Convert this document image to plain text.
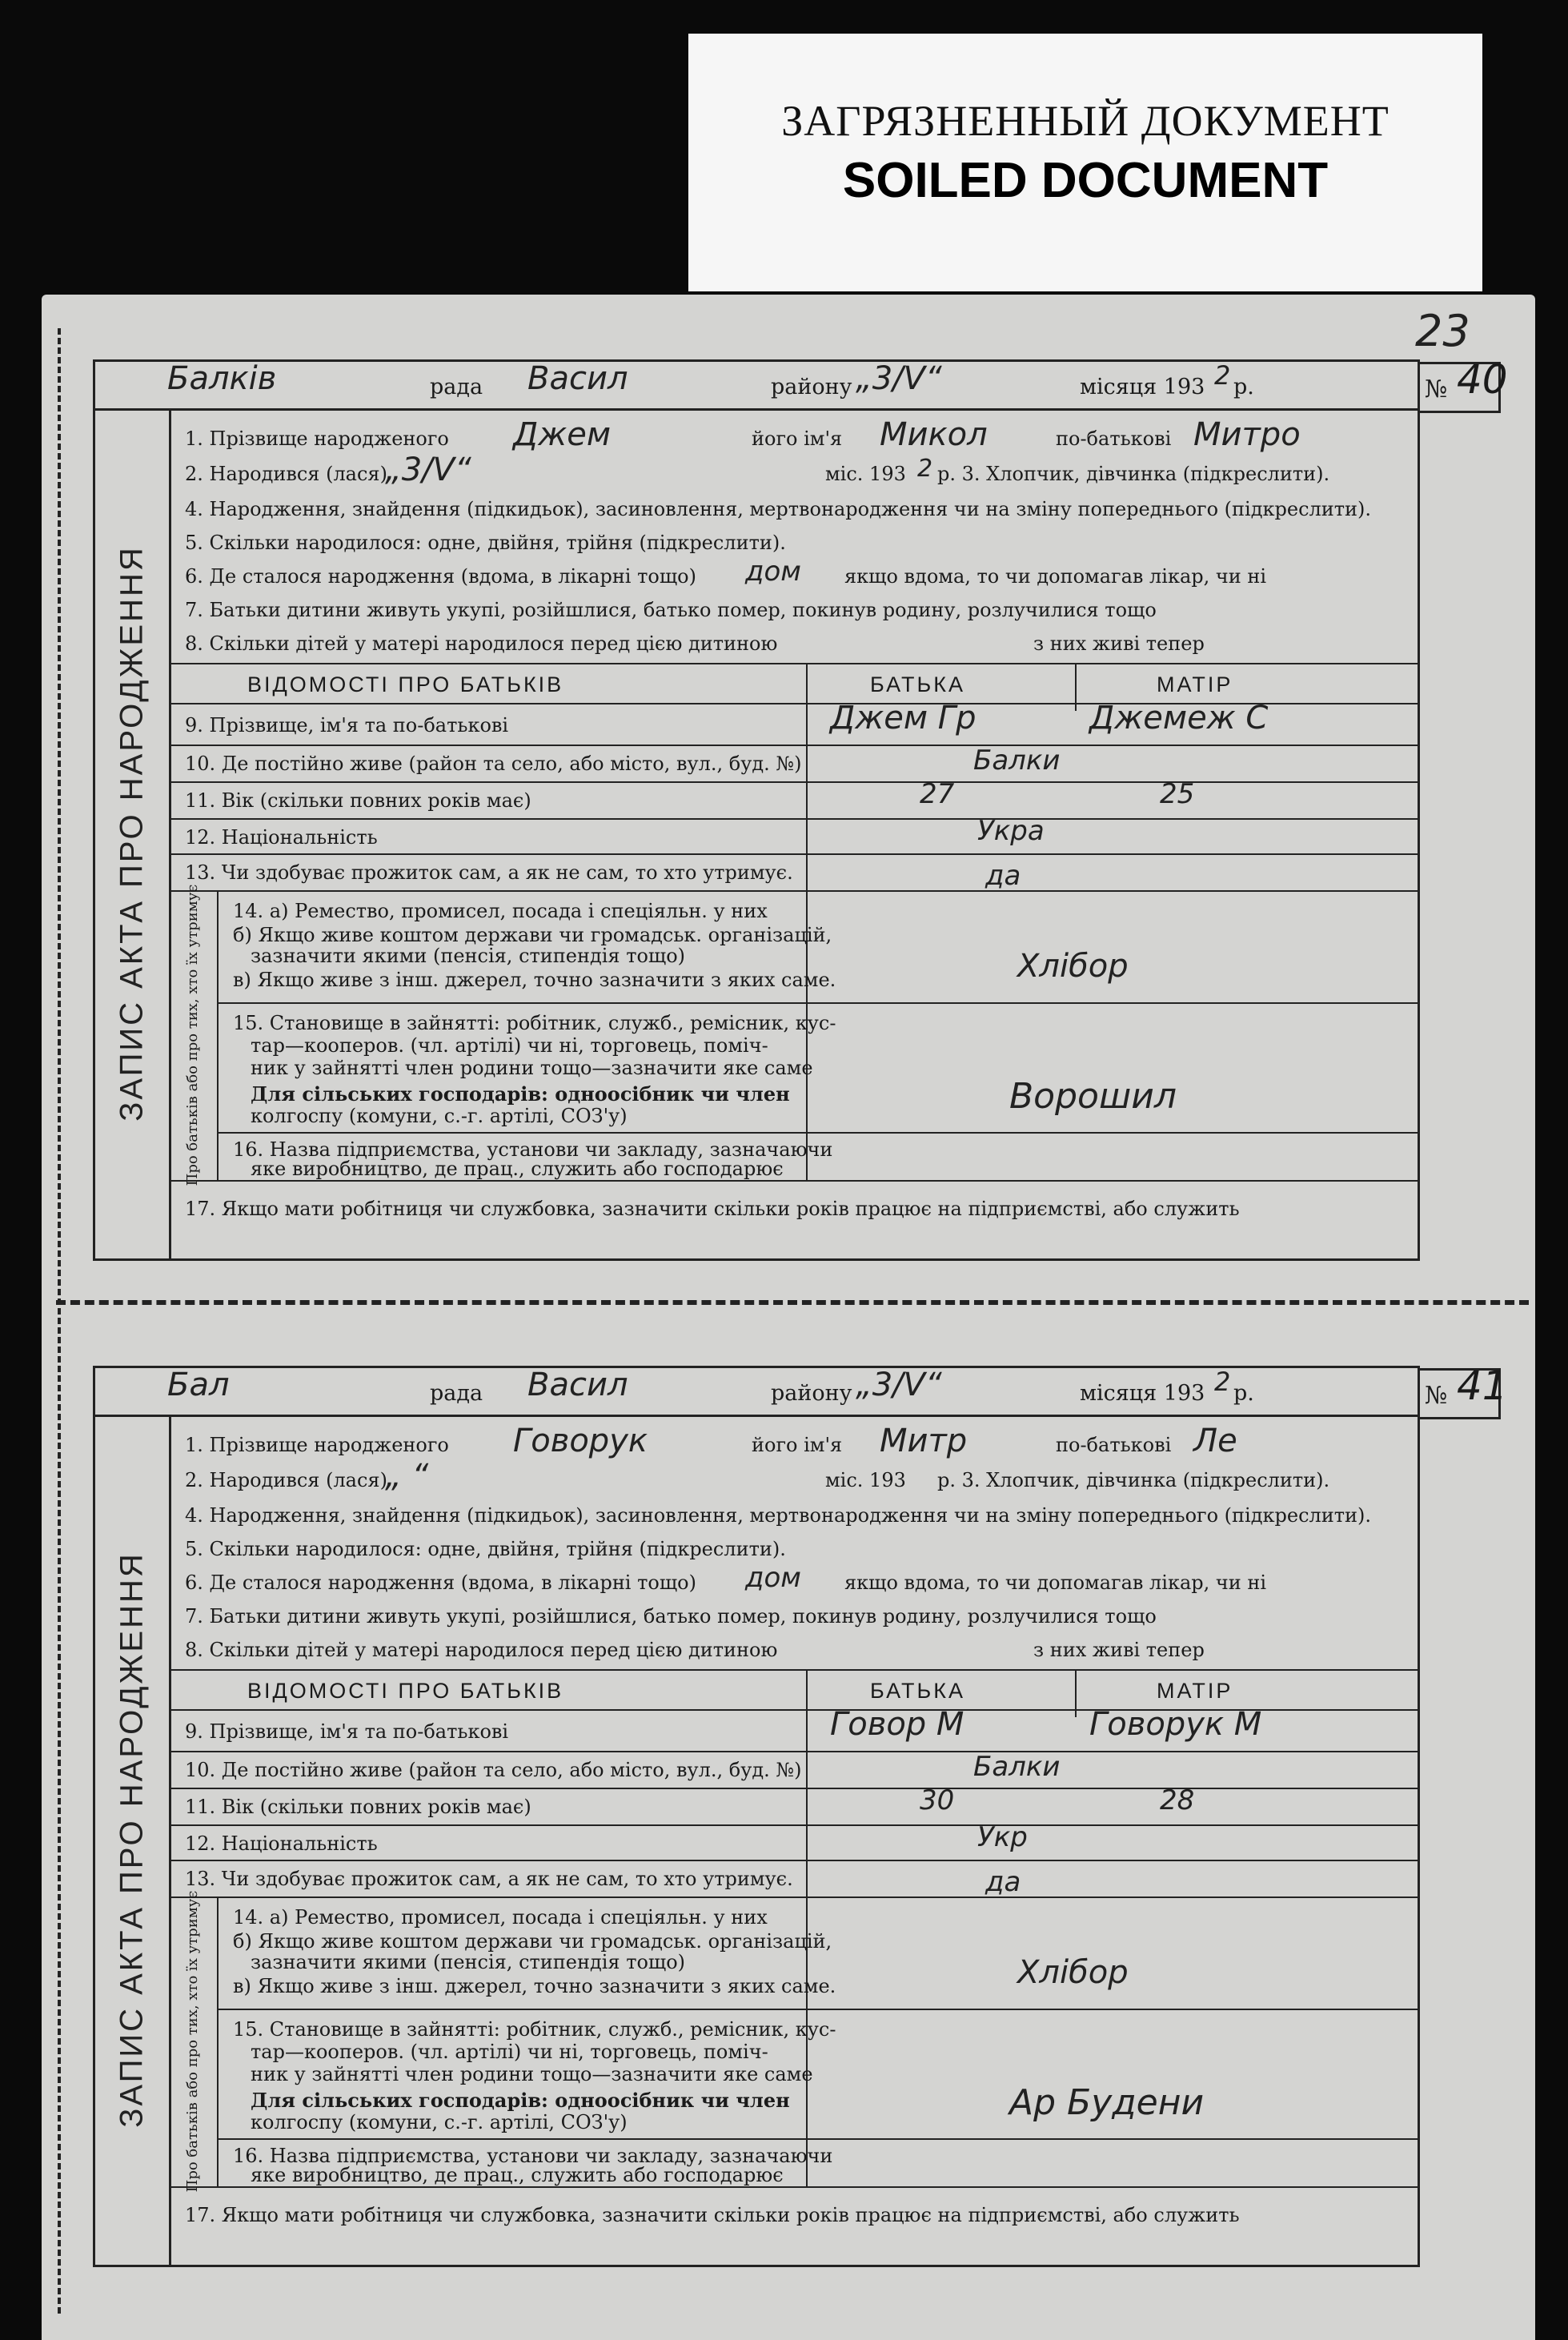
ЗАГРЯЗНЕННЫЙ ДОКУМЕНТ
SOILED DOCUMENT
23
Балків	рада Васил	району „3/V“	місяця 193 2 р.	№ 40
ЗАПИС АКТА ПРО НАРОДЖЕННЯ
1. Прізвище народженого Джем	його ім'я Микол	по-батькові Митро
2. Народився (лася)
„3/V“	міс. 193 2 р. 3. Хлопчик, дівчинка (підкреслити).
4. Народження, знайдення (підкидьок), засиновлення, мертвонародження чи на зміну попереднього (підкреслити).
5. Скільки народилося: одне, двійня, трійня (підкреслити).
6. Де сталося народження (вдома, в лікарні тощо) дом якщо вдома, то чи допомагав лікар, чи ні
7. Батьки дитини живуть укупі, розійшлися, батько помер, покинув родину, розлучилися тощо
8. Скільки дітей у матері народилося перед цією дитиною	з них живі тепер
ВІДОМОСТІ ПРО БАТЬКІВ	БАТЬКА	МАТІР
9. Прізвище, ім'я та по-батькові	Джем Гр	Джемеж С
10. Де постійно живе (район та село, або місто, вул., буд. №)	Балки
11. Вік (скільки повних років має)	27	25
12. Національність	Укра
13. Чи здобуває прожиток сам, а як не сам, то хто утримує.	да
Про батьків або про тих, хто їх утримує 14. а) Ремество, промисел, посада і спеціяльн. у них
б) Якщо живе коштом держави чи громадськ. організацій,
зазначити якими (пенсія, стипендія тощо)
в) Якщо живе з інш. джерел, точно зазначити з яких саме.	Хлібор
15. Становище в зайнятті: робітник, служб., ремісник, кус-
тар—кооперов. (чл. артілі) чи ні, торговець, поміч-
ник у зайнятті член родини тощо—зазначити яке саме
Для сільських господарів: одноосібник чи член
колгоспу (комуни, с.-г. артілі, СОЗ'у)	Ворошил
16. Назва підприємства, установи чи закладу, зазначаючи
яке виробництво, де прац., служить або господарює
17. Якщо мати робітниця чи службовка, зазначити скільки років працює на підприємстві, або служить
Бал	рада Васил	району „3/V“	місяця 193 2 р.	№ 41
ЗАПИС АКТА ПРО НАРОДЖЕННЯ
1. Прізвище народженого Говорук	його ім'я Митр	по-батькові Ле
2. Народився (лася)
„ “	міс. 193 р. 3. Хлопчик, дівчинка (підкреслити).
4. Народження, знайдення (підкидьок), засиновлення, мертвонародження чи на зміну попереднього (підкреслити).
5. Скільки народилося: одне, двійня, трійня (підкреслити).
6. Де сталося народження (вдома, в лікарні тощо) дом якщо вдома, то чи допомагав лікар, чи ні
7. Батьки дитини живуть укупі, розійшлися, батько помер, покинув родину, розлучилися тощо
8. Скільки дітей у матері народилося перед цією дитиною	з них живі тепер
ВІДОМОСТІ ПРО БАТЬКІВ	БАТЬКА	МАТІР
9. Прізвище, ім'я та по-батькові	Говор М	Говорук М
10. Де постійно живе (район та село, або місто, вул., буд. №)	Балки
11. Вік (скільки повних років має)	30	28
12. Національність	Укр
13. Чи здобуває прожиток сам, а як не сам, то хто утримує.	да
Про батьків або про тих, хто їх утримує 14. а) Ремество, промисел, посада і спеціяльн. у них
б) Якщо живе коштом держави чи громадськ. організацій,
зазначити якими (пенсія, стипендія тощо)
в) Якщо живе з інш. джерел, точно зазначити з яких саме.	Хлібор
15. Становище в зайнятті: робітник, служб., ремісник, кус-
тар—кооперов. (чл. артілі) чи ні, торговець, поміч-
ник у зайнятті член родини тощо—зазначити яке саме
Для сільських господарів: одноосібник чи член
колгоспу (комуни, с.-г. артілі, СОЗ'у)	Ар Будени
16. Назва підприємства, установи чи закладу, зазначаючи
яке виробництво, де прац., служить або господарює
17. Якщо мати робітниця чи службовка, зазначити скільки років працює на підприємстві, або служить
